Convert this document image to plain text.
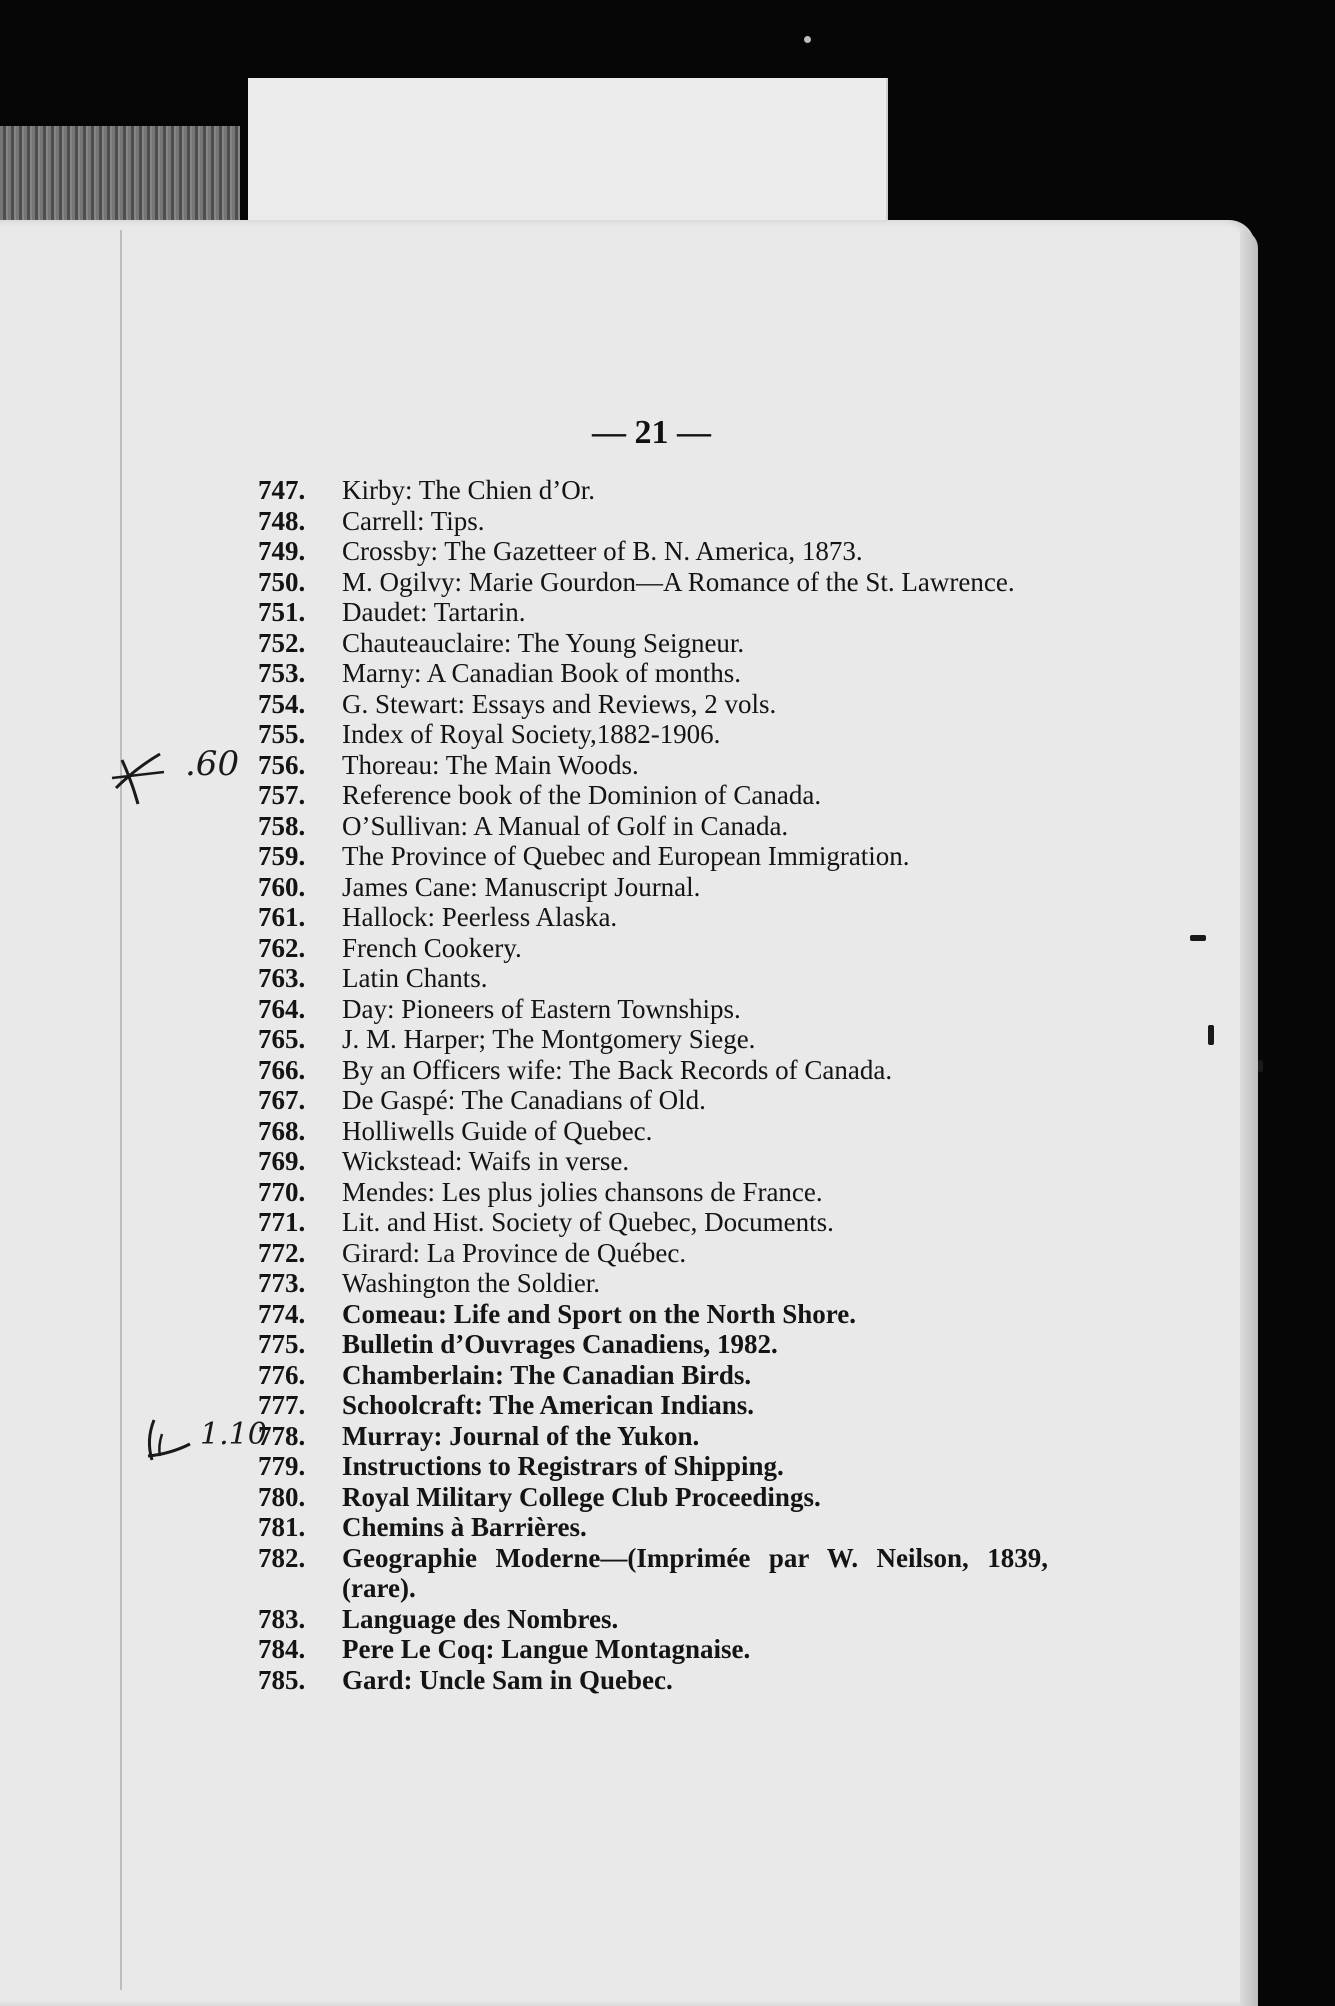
— 21 —
747.	Kirby: The Chien d’Or.
748.	Carrell: Tips.
749.	Crossby: The Gazetteer of B. N. America, 1873.
750.	M. Ogilvy: Marie Gourdon—A Romance of the St. Lawrence.
751.	Daudet: Tartarin.
752.	Chauteauclaire: The Young Seigneur.
753.	Marny: A Canadian Book of months.
754.	G. Stewart: Essays and Reviews, 2 vols.
755.	Index of Royal Society,1882-1906.
756.	Thoreau: The Main Woods.
757.	Reference book of the Dominion of Canada.
758.	O’Sullivan: A Manual of Golf in Canada.
759.	The Province of Quebec and European Immigration.
760.	James Cane: Manuscript Journal.
761.	Hallock: Peerless Alaska.
762.	French Cookery.
763.	Latin Chants.
764.	Day: Pioneers of Eastern Townships.
765.	J. M. Harper; The Montgomery Siege.
766.	By an Officers wife: The Back Records of Canada.
767.	De Gaspé: The Canadians of Old.
768.	Holliwells Guide of Quebec.
769.	Wickstead: Waifs in verse.
770.	Mendes: Les plus jolies chansons de France.
771.	Lit. and Hist. Society of Quebec, Documents.
772.	Girard: La Province de Québec.
773.	Washington the Soldier.
774.	Comeau: Life and Sport on the North Shore.
775.	Bulletin d’Ouvrages Canadiens, 1982.
776.	Chamberlain: The Canadian Birds.
777.	Schoolcraft: The American Indians.
778.	Murray: Journal of the Yukon.
779.	Instructions to Registrars of Shipping.
780.	Royal Military College Club Proceedings.
781.	Chemins à Barrières.
782.	Geographie Moderne—(Imprimée par W. Neilson, 1839, (rare).
783.	Language des Nombres.
784.	Pere Le Coq: Langue Montagnaise.
785.	Gard: Uncle Sam in Quebec.
.60
1.10
